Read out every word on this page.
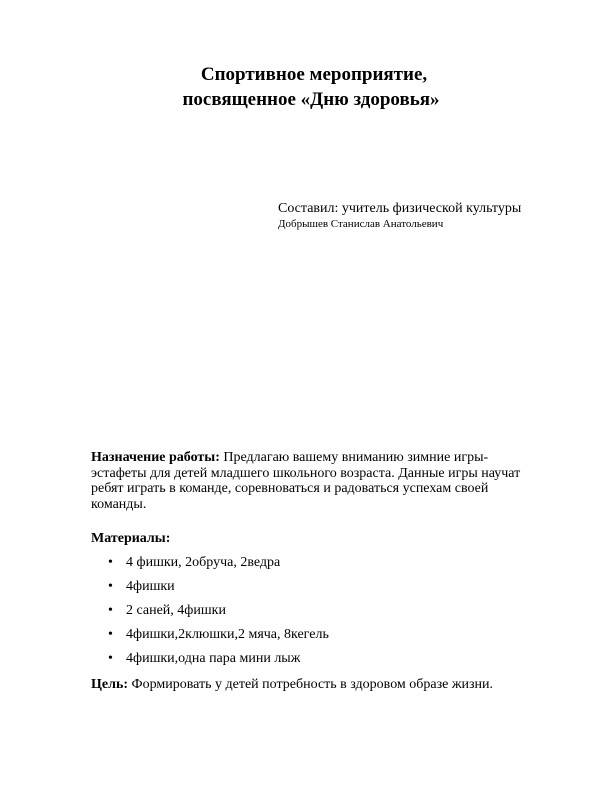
Спортивное мероприятие,
посвященное «Дню здоровья»
Составил: учитель физической культуры
Добрышев Станислав Анатольевич

Назначение работы: Предлагаю вашему вниманию зимние игры-эстафеты для детей младшего школьного возраста. Данные игры научат ребят играть в команде, соревноваться и радоваться успехам своей команды.

Материалы:

• 4 фишки, 2обруча, 2ведра
• 4фишки
• 2 саней, 4фишки
• 4фишки,2клюшки,2 мяча, 8кегель
• 4фишки,одна пара мини лыж

Цель: Формировать у детей потребность в здоровом образе жизни.
